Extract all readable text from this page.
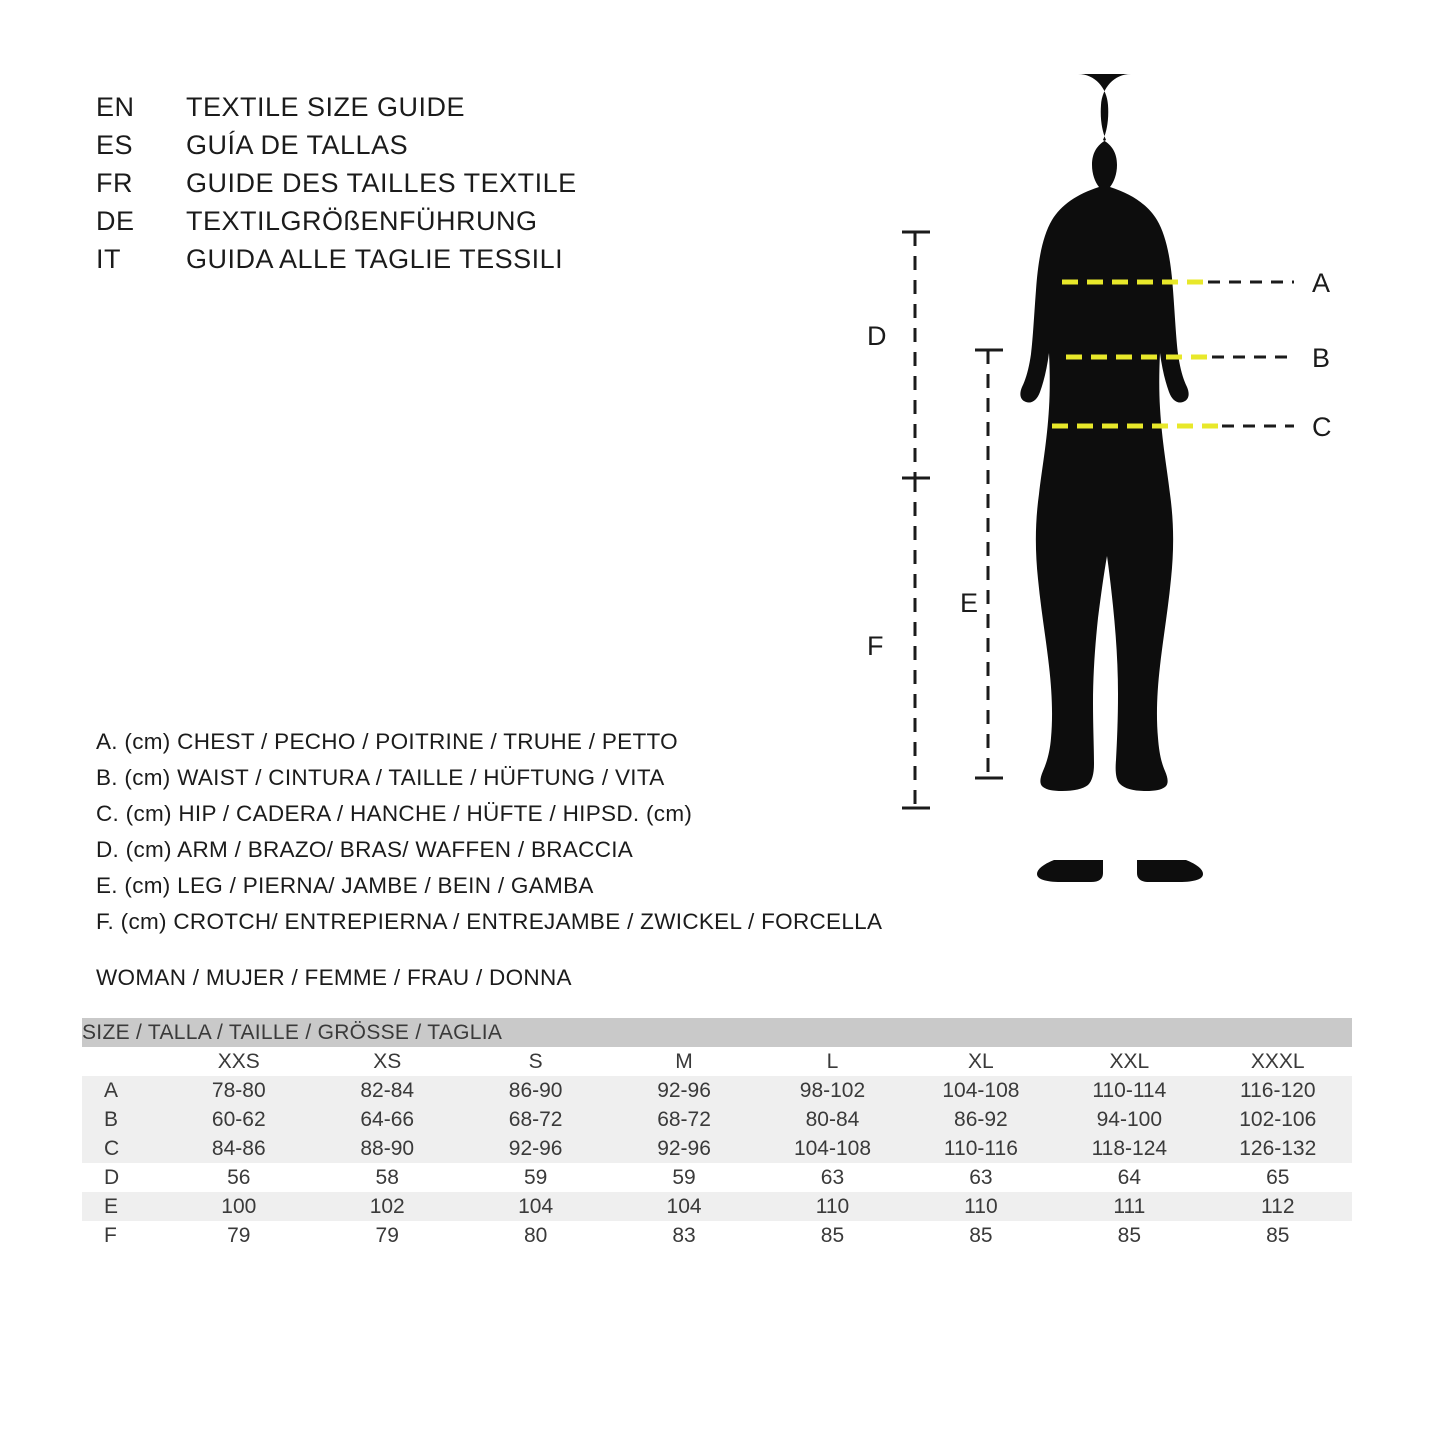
EN	TEXTILE SIZE GUIDE
ES	GUÍA DE TALLAS
FR	GUIDE DES TAILLES TEXTILE
DE	TEXTILGRÖßENFÜHRUNG
IT	GUIDA ALLE TAGLIE TESSILI
A. (cm) CHEST / PECHO / POITRINE / TRUHE / PETTO
B. (cm) WAIST / CINTURA / TAILLE / HÜFTUNG / VITA
C. (cm) HIP / CADERA / HANCHE / HÜFTE / HIPSD. (cm)
D. (cm) ARM / BRAZO/ BRAS/ WAFFEN / BRACCIA
E. (cm) LEG / PIERNA/ JAMBE / BEIN / GAMBA
F. (cm) CROTCH/ ENTREPIERNA / ENTREJAMBE / ZWICKEL / FORCELLA
WOMAN / MUJER / FEMME / FRAU / DONNA
SIZE / TALLA / TAILLE / GRÖSSE / TAGLIA								
	XXS	XS	S	M	L	XL	XXL	XXXL
A	78-80	82-84	86-90	92-96	98-102	104-108	110-114	116-120
B	60-62	64-66	68-72	68-72	80-84	86-92	94-100	102-106
C	84-86	88-90	92-96	92-96	104-108	110-116	118-124	126-132
D	56	58	59	59	63	63	64	65
E	100	102	104	104	110	110	111	112
F	79	79	80	83	85	85	85	85
A
B
C
D
F
E
